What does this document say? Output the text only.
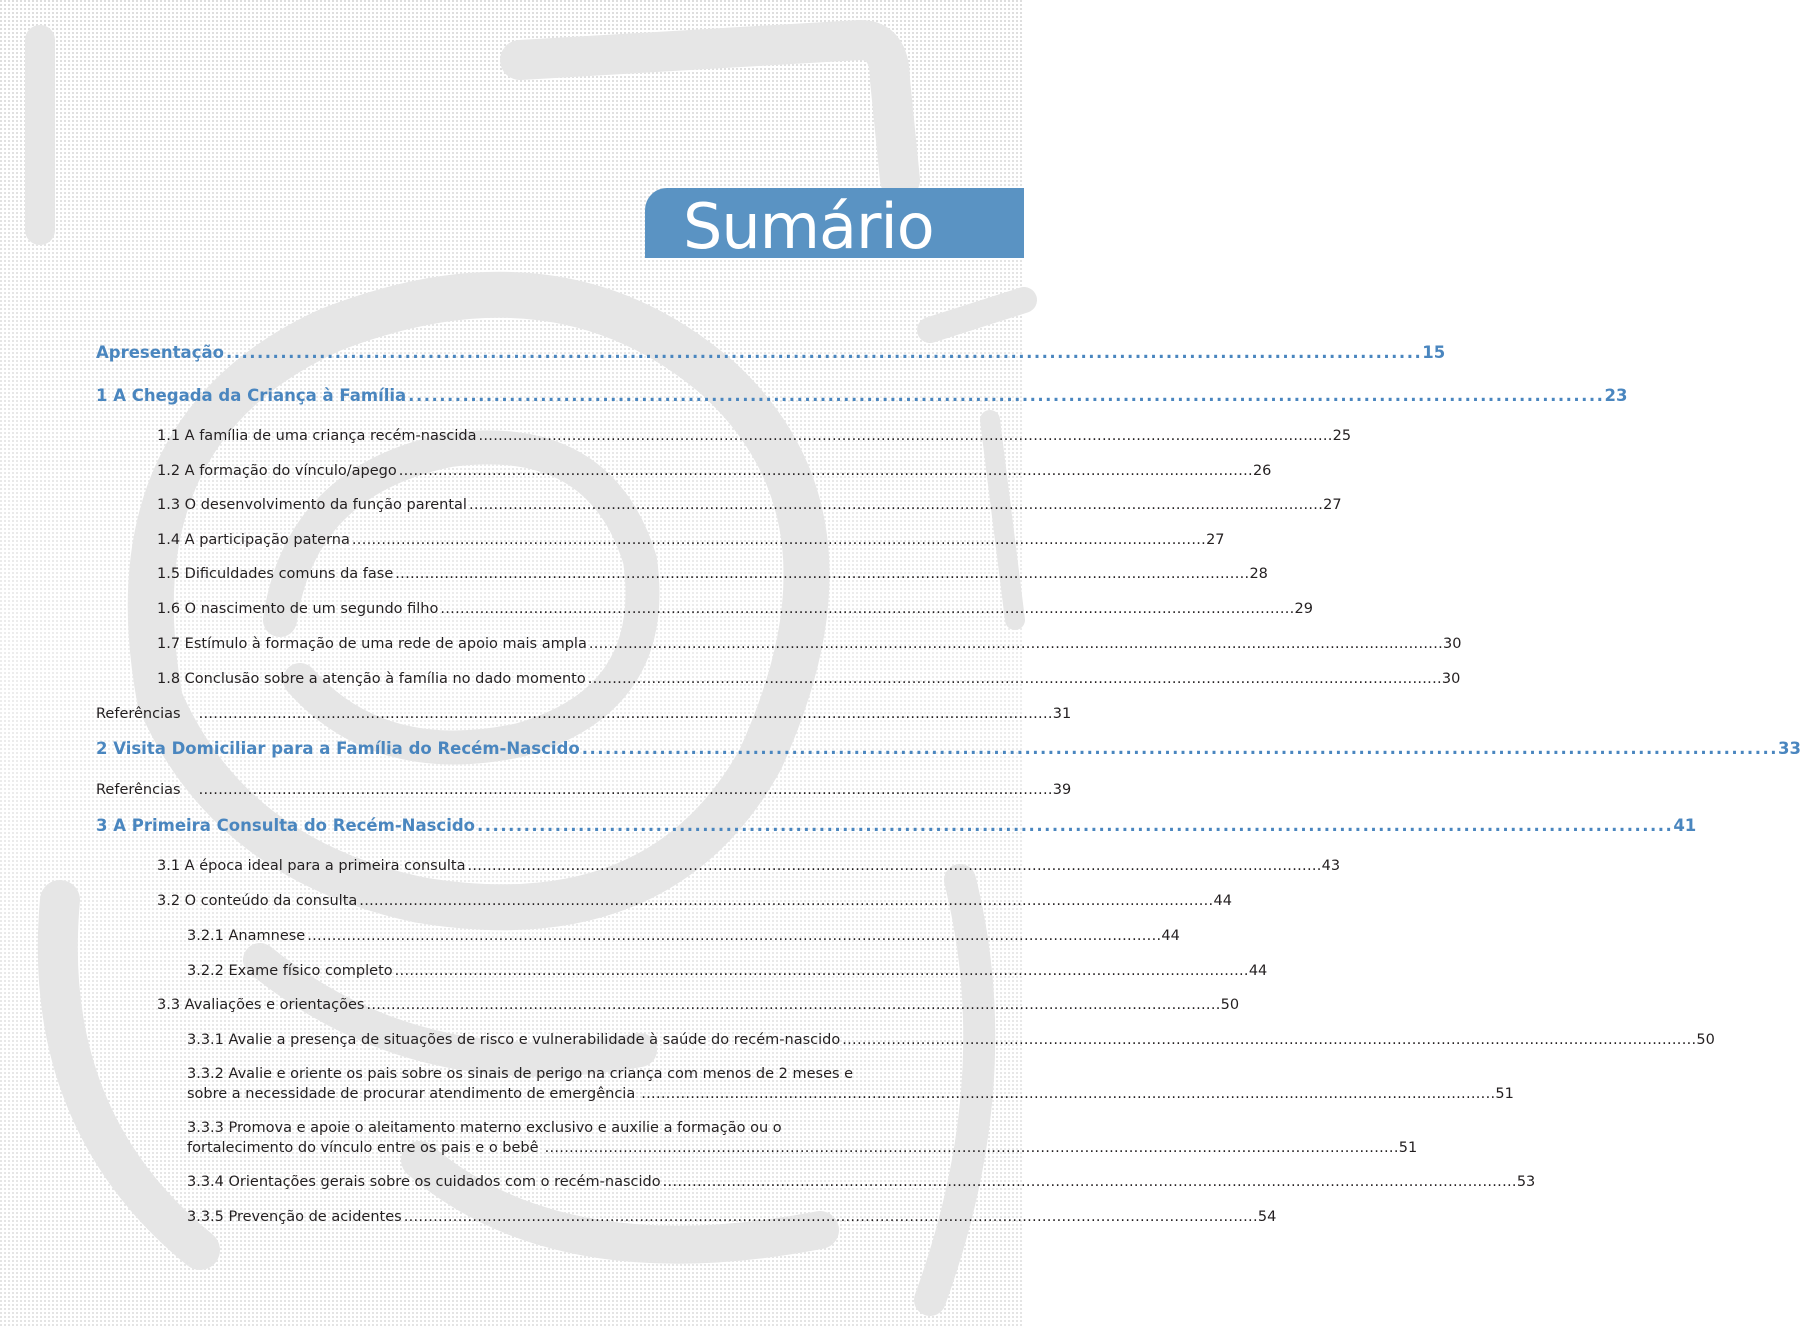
Sumário
Apresentação .......................................................................................................................................................... 15
1 A Chegada da Criança à Família .......................................................................................................................................................... 23
1.1 A família de uma criança recém-nascida .............................................................................................................................................................................. 25
1.2 A formação do vínculo/apego .............................................................................................................................................................................. 26
1.3 O desenvolvimento da função parental .............................................................................................................................................................................. 27
1.4 A participação paterna .............................................................................................................................................................................. 27
1.5 Dificuldades comuns da fase .............................................................................................................................................................................. 28
1.6 O nascimento de um segundo filho .............................................................................................................................................................................. 29
1.7 Estímulo à formação de uma rede de apoio mais ampla .............................................................................................................................................................................. 30
1.8 Conclusão sobre a atenção à família no dado momento .............................................................................................................................................................................. 30
Referências .............................................................................................................................................................................. 31
2 Visita Domiciliar para a Família do Recém-Nascido .......................................................................................................................................................... 33
Referências .............................................................................................................................................................................. 39
3 A Primeira Consulta do Recém-Nascido .......................................................................................................................................................... 41
3.1 A época ideal para a primeira consulta .............................................................................................................................................................................. 43
3.2 O conteúdo da consulta .............................................................................................................................................................................. 44
3.2.1 Anamnese .............................................................................................................................................................................. 44
3.2.2 Exame físico completo .............................................................................................................................................................................. 44
3.3 Avaliações e orientações .............................................................................................................................................................................. 50
3.3.1 Avalie a presença de situações de risco e vulnerabilidade à saúde do recém-nascido .............................................................................................................................................................................. 50
3.3.2 Avalie e oriente os pais sobre os sinais de perigo na criança com menos de 2 meses e
sobre a necessidade de procurar atendimento de emergência .............................................................................................................................................................................. 51
3.3.3 Promova e apoie o aleitamento materno exclusivo e auxilie a formação ou o
fortalecimento do vínculo entre os pais e o bebê .............................................................................................................................................................................. 51
3.3.4 Orientações gerais sobre os cuidados com o recém-nascido .............................................................................................................................................................................. 53
3.3.5 Prevenção de acidentes .............................................................................................................................................................................. 54
